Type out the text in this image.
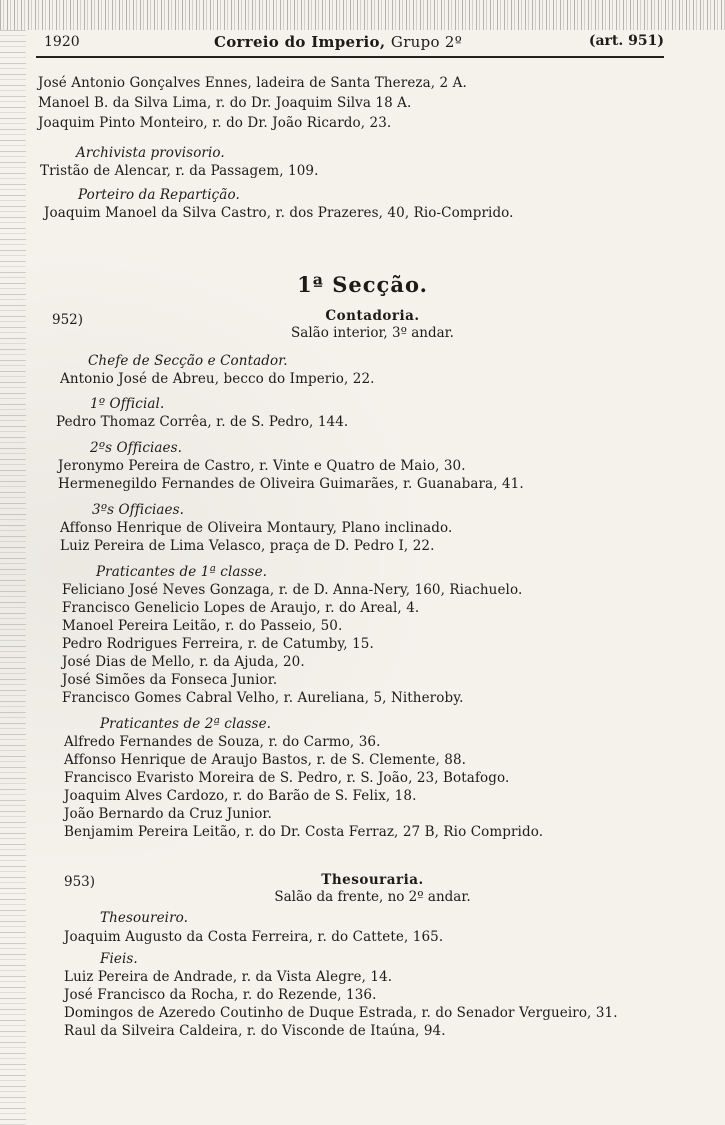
1920	Correio do Imperio, Grupo 2º	(art. 951)
José Antonio Gonçalves Ennes, ladeira de Santa Thereza, 2 A.
Manoel B. da Silva Lima, r. do Dr. Joaquim Silva 18 A.
Joaquim Pinto Monteiro, r. do Dr. João Ricardo, 23.
Archivista provisorio.
Tristão de Alencar, r. da Passagem, 109.
Porteiro da Repartição.
Joaquim Manoel da Silva Castro, r. dos Prazeres, 40, Rio-Comprido.
1ª Secção.
952)	Contadoria.
Salão interior, 3º andar.
Chefe de Secção e Contador.
Antonio José de Abreu, becco do Imperio, 22.
1º Official.
Pedro Thomaz Corrêa, r. de S. Pedro, 144.
2ºs Officiaes.
Jeronymo Pereira de Castro, r. Vinte e Quatro de Maio, 30.
Hermenegildo Fernandes de Oliveira Guimarães, r. Guanabara, 41.
3ºs Officiaes.
Affonso Henrique de Oliveira Montaury, Plano inclinado.
Luiz Pereira de Lima Velasco, praça de D. Pedro I, 22.
Praticantes de 1ª classe.
Feliciano José Neves Gonzaga, r. de D. Anna-Nery, 160, Riachuelo.
Francisco Genelicio Lopes de Araujo, r. do Areal, 4.
Manoel Pereira Leitão, r. do Passeio, 50.
Pedro Rodrigues Ferreira, r. de Catumby, 15.
José Dias de Mello, r. da Ajuda, 20.
José Simões da Fonseca Junior.
Francisco Gomes Cabral Velho, r. Aureliana, 5, Nitheroby.
Praticantes de 2ª classe.
Alfredo Fernandes de Souza, r. do Carmo, 36.
Affonso Henrique de Araujo Bastos, r. de S. Clemente, 88.
Francisco Evaristo Moreira de S. Pedro, r. S. João, 23, Botafogo.
Joaquim Alves Cardozo, r. do Barão de S. Felix, 18.
João Bernardo da Cruz Junior.
Benjamim Pereira Leitão, r. do Dr. Costa Ferraz, 27 B, Rio Comprido.
953)	Thesouraria.
Salão da frente, no 2º andar.
Thesoureiro.
Joaquim Augusto da Costa Ferreira, r. do Cattete, 165.
Fieis.
Luiz Pereira de Andrade, r. da Vista Alegre, 14.
José Francisco da Rocha, r. do Rezende, 136.
Domingos de Azeredo Coutinho de Duque Estrada, r. do Senador Vergueiro, 31.
Raul da Silveira Caldeira, r. do Visconde de Itaúna, 94.
